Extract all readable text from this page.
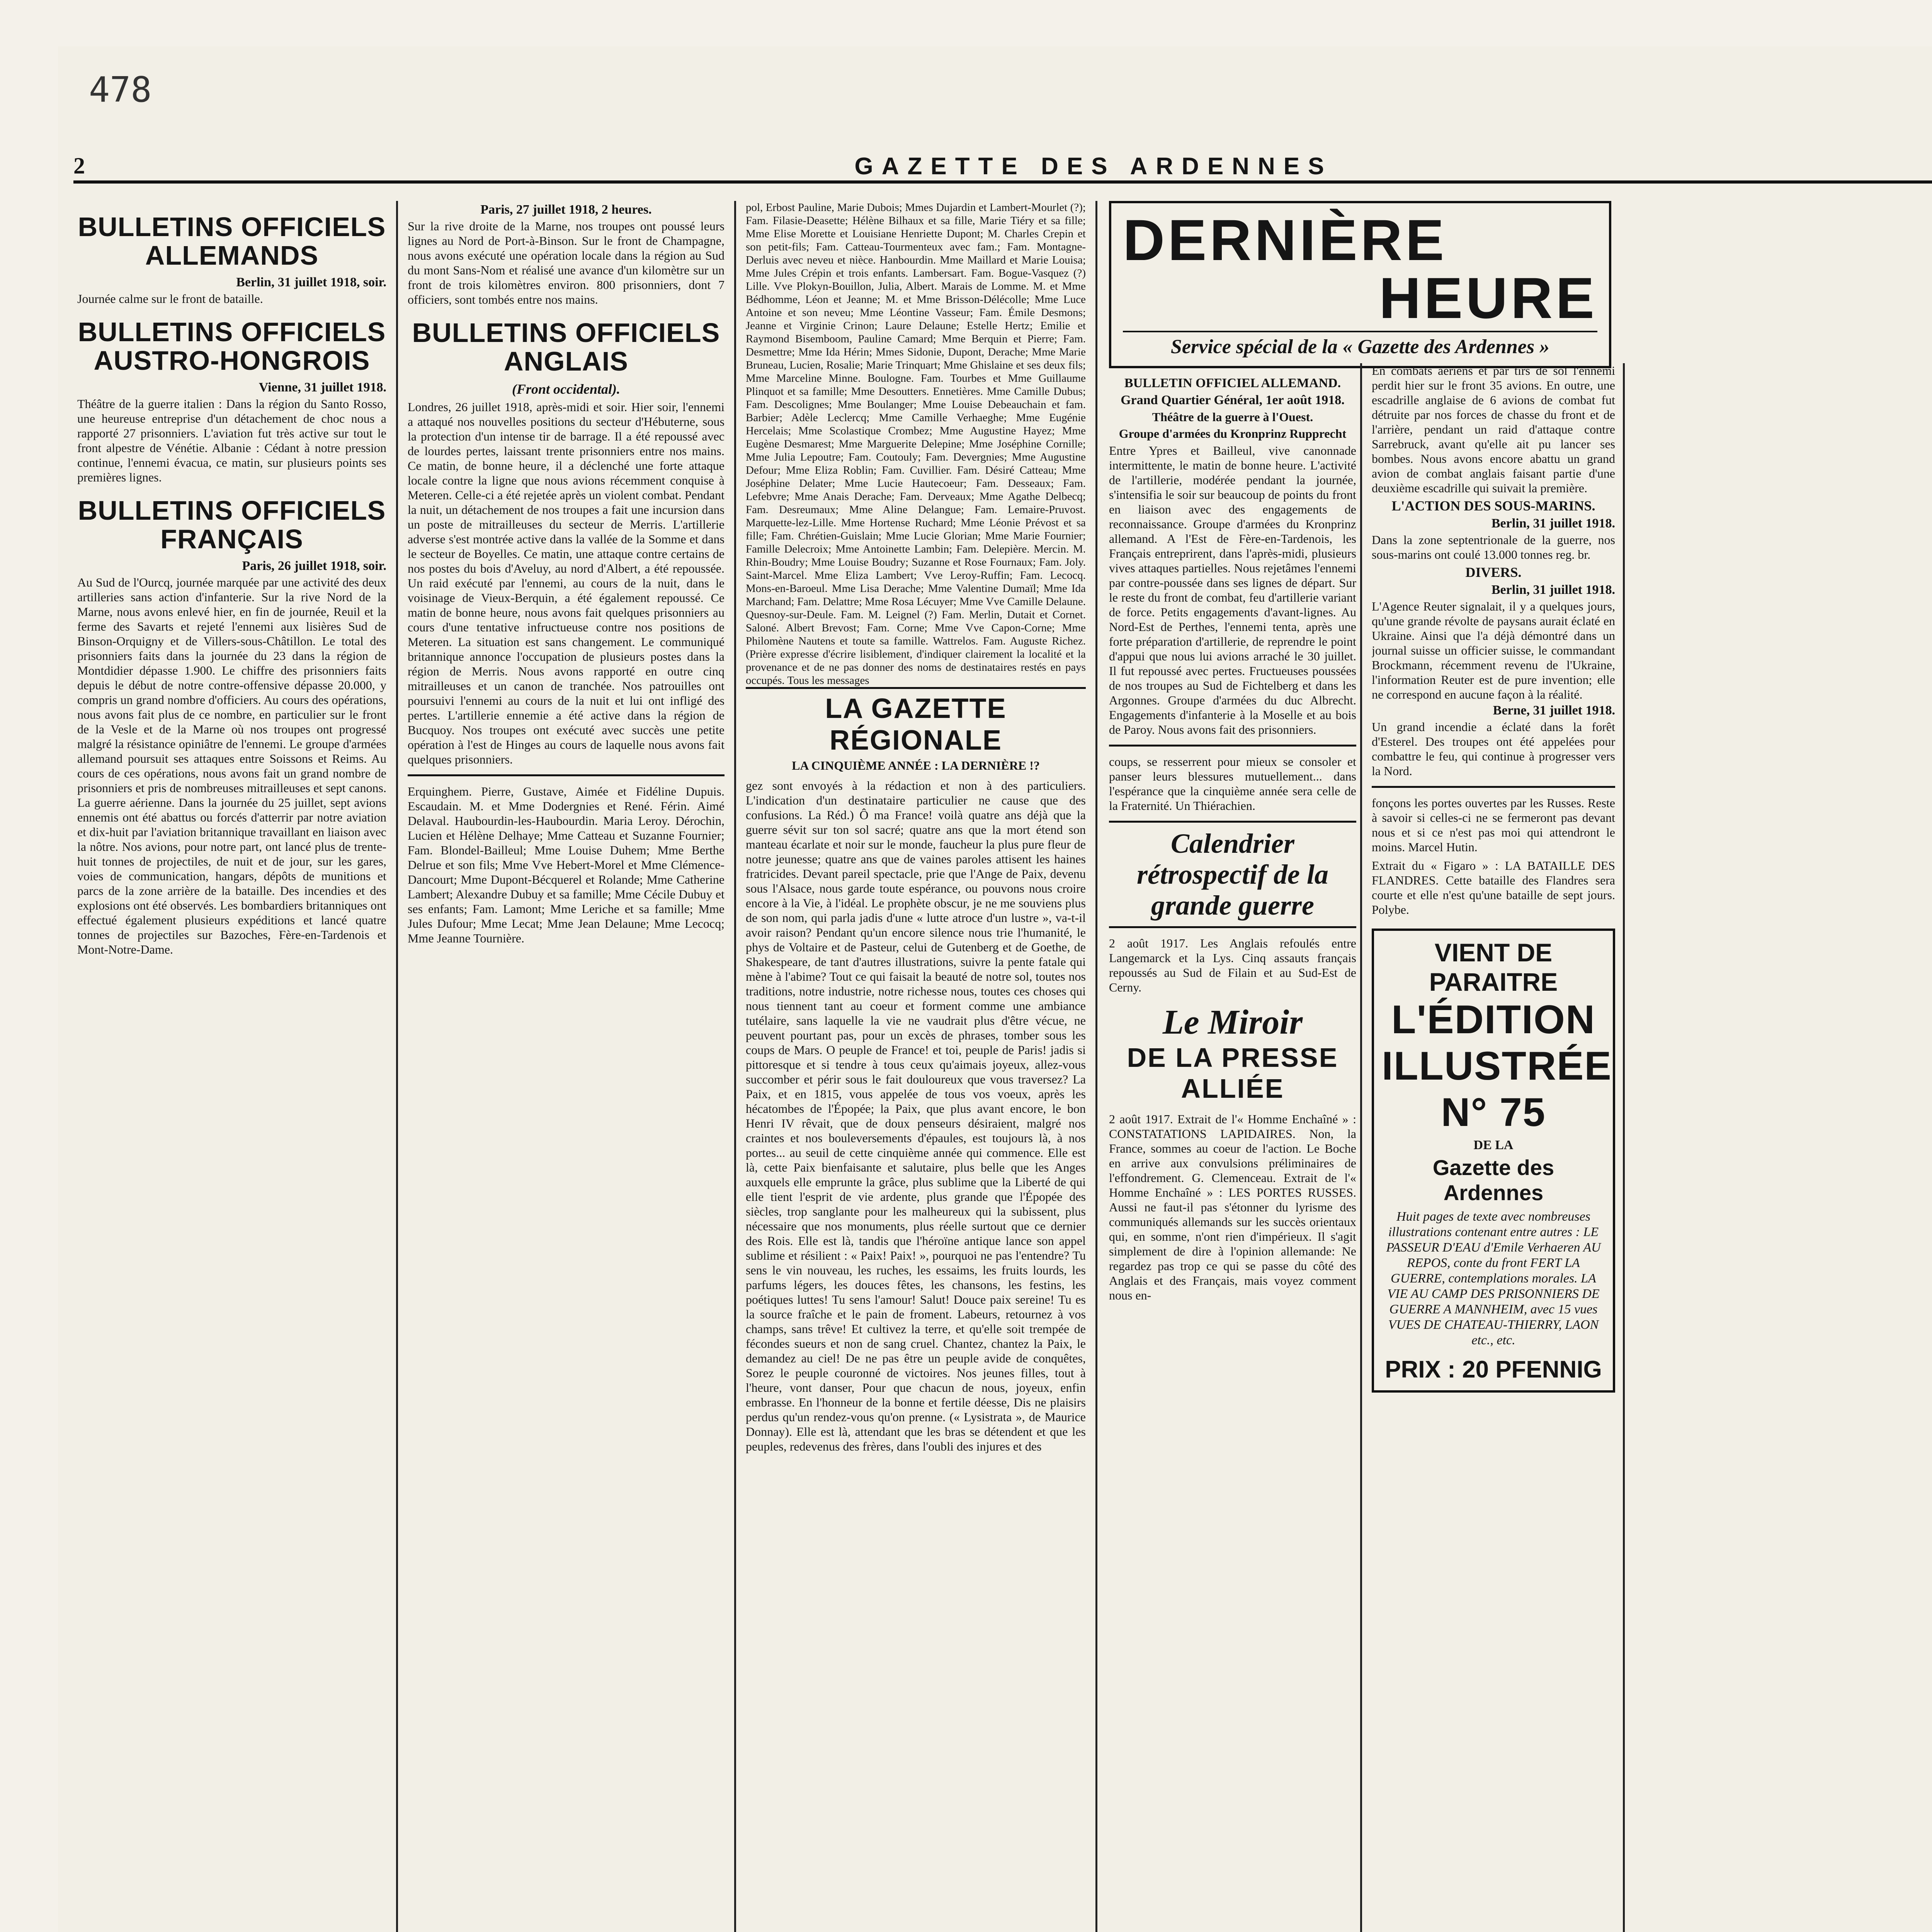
478
2	GAZETTE DES ARDENNES
BULLETINS OFFICIELS ALLEMANDS
Berlin, 31 juillet 1918, soir.

Journée calme sur le front de bataille.

BULLETINS OFFICIELS AUSTRO-HONGROIS
Vienne, 31 juillet 1918.

Théâtre de la guerre italien : Dans la région du Santo Rosso, une heureuse entreprise d'un détachement de choc nous a rapporté 27 prisonniers. L'aviation fut très active sur tout le front alpestre de Vénétie. Albanie : Cédant à notre pression continue, l'ennemi évacua, ce matin, sur plusieurs points ses premières lignes.

BULLETINS OFFICIELS FRANÇAIS
Paris, 26 juillet 1918, soir.

Au Sud de l'Ourcq, journée marquée par une activité des deux artilleries sans action d'infanterie. Sur la rive Nord de la Marne, nous avons enlevé hier, en fin de journée, Reuil et la ferme des Savarts et rejeté l'ennemi aux lisières Sud de Binson-Orquigny et de Villers-sous-Châtillon. Le total des prisonniers faits dans la journée du 23 dans la région de Montdidier dépasse 1.900. Le chiffre des prisonniers faits depuis le début de notre contre-offensive dépasse 20.000, y compris un grand nombre d'officiers. Au cours des opérations, nous avons fait plus de ce nombre, en particulier sur le front de la Vesle et de la Marne où nos troupes ont progressé malgré la résistance opiniâtre de l'ennemi. Le groupe d'armées allemand poursuit ses attaques entre Soissons et Reims. Au cours de ces opérations, nous avons fait un grand nombre de prisonniers et pris de nombreuses mitrailleuses et sept canons. La guerre aérienne. Dans la journée du 25 juillet, sept avions ennemis ont été abattus ou forcés d'atterrir par notre aviation et dix-huit par l'aviation britannique travaillant en liaison avec la nôtre. Nos avions, pour notre part, ont lancé plus de trente-huit tonnes de projectiles, de nuit et de jour, sur les gares, voies de communication, hangars, dépôts de munitions et parcs de la zone arrière de la bataille. Des incendies et des explosions ont été observés. Les bombardiers britanniques ont effectué également plusieurs expéditions et lancé quatre tonnes de projectiles sur Bazoches, Fère-en-Tardenois et Mont-Notre-Dame.

Paris, 27 juillet 1918, 2 heures.

Sur la rive droite de la Marne, nos troupes ont poussé leurs lignes au Nord de Port-à-Binson. Sur le front de Champagne, nous avons exécuté une opération locale dans la région au Sud du mont Sans-Nom et réalisé une avance d'un kilomètre sur un front de trois kilomètres environ. 800 prisonniers, dont 7 officiers, sont tombés entre nos mains.

BULLETINS OFFICIELS ANGLAIS
(Front occidental).

Londres, 26 juillet 1918, après-midi et soir. Hier soir, l'ennemi a attaqué nos nouvelles positions du secteur d'Hébuterne, sous la protection d'un intense tir de barrage. Il a été repoussé avec de lourdes pertes, laissant trente prisonniers entre nos mains. Ce matin, de bonne heure, il a déclenché une forte attaque locale contre la ligne que nous avions récemment conquise à Meteren. Celle-ci a été rejetée après un violent combat. Pendant la nuit, un détachement de nos troupes a fait une incursion dans un poste de mitrailleuses du secteur de Merris. L'artillerie adverse s'est montrée active dans la vallée de la Somme et dans le secteur de Boyelles. Ce matin, une attaque contre certains de nos postes du bois d'Aveluy, au nord d'Albert, a été repoussée. Un raid exécuté par l'ennemi, au cours de la nuit, dans le voisinage de Vieux-Berquin, a été également repoussé. Ce matin de bonne heure, nous avons fait quelques prisonniers au cours d'une tentative infructueuse contre nos positions de Meteren. La situation est sans changement. Le communiqué britannique annonce l'occupation de plusieurs postes dans la région de Merris. Nous avons rapporté en outre cinq mitrailleuses et un canon de tranchée. Nos patrouilles ont poursuivi l'ennemi au cours de la nuit et lui ont infligé des pertes. L'artillerie ennemie a été active dans la région de Bucquoy. Nos troupes ont exécuté avec succès une petite opération à l'est de Hinges au cours de laquelle nous avons fait quelques prisonniers.

Erquinghem. Pierre, Gustave, Aimée et Fidéline Dupuis. Escaudain. M. et Mme Dodergnies et René. Férin. Aimé Delaval. Haubourdin-les-Haubourdin. Maria Leroy. Dérochin, Lucien et Hélène Delhaye; Mme Catteau et Suzanne Fournier; Fam. Blondel-Bailleul; Mme Louise Duhem; Mme Berthe Delrue et son fils; Mme Vve Hebert-Morel et Mme Clémence-Dancourt; Mme Dupont-Bécquerel et Rolande; Mme Catherine Lambert; Alexandre Dubuy et sa famille; Mme Cécile Dubuy et ses enfants; Fam. Lamont; Mme Leriche et sa famille; Mme Jules Dufour; Mme Lecat; Mme Jean Delaune; Mme Lecocq; Mme Jeanne Tournière.

pol, Erbost Pauline, Marie Dubois; Mmes Dujardin et Lambert-Mourlet (?); Fam. Filasie-Deasette; Hélène Bilhaux et sa fille, Marie Tiéry et sa fille; Mme Elise Morette et Louisiane Henriette Dupont; M. Charles Crepin et son petit-fils; Fam. Catteau-Tourmenteux avec fam.; Fam. Montagne-Derluis avec neveu et nièce. Hanbourdin. Mme Maillard et Marie Louisa; Mme Jules Crépin et trois enfants. Lambersart. Fam. Bogue-Vasquez (?) Lille. Vve Plokyn-Bouillon, Julia, Albert. Marais de Lomme. M. et Mme Bédhomme, Léon et Jeanne; M. et Mme Brisson-Délécolle; Mme Luce Antoine et son neveu; Mme Léontine Vasseur; Fam. Émile Desmons; Jeanne et Virginie Crinon; Laure Delaune; Estelle Hertz; Emilie et Raymond Bisemboom, Pauline Camard; Mme Berquin et Pierre; Fam. Desmettre; Mme Ida Hérin; Mmes Sidonie, Dupont, Derache; Mme Marie Bruneau, Lucien, Rosalie; Marie Trinquart; Mme Ghislaine et ses deux fils; Mme Marceline Minne. Boulogne. Fam. Tourbes et Mme Guillaume Plinquot et sa famille; Mme Desoutters. Ennetières. Mme Camille Dubus; Fam. Descolignes; Mme Boulanger; Mme Louise Debeauchain et fam. Barbier; Adèle Leclercq; Mme Camille Verhaeghe; Mme Eugénie Hercelais; Mme Scolastique Crombez; Mme Augustine Hayez; Mme Eugène Desmarest; Mme Marguerite Delepine; Mme Joséphine Cornille; Mme Julia Lepoutre; Fam. Coutouly; Fam. Devergnies; Mme Augustine Defour; Mme Eliza Roblin; Fam. Cuvillier. Fam. Désiré Catteau; Mme Joséphine Delater; Mme Lucie Hautecoeur; Fam. Desseaux; Fam. Lefebvre; Mme Anais Derache; Fam. Derveaux; Mme Agathe Delbecq; Fam. Desreumaux; Mme Aline Delangue; Fam. Lemaire-Pruvost. Marquette-lez-Lille. Mme Hortense Ruchard; Mme Léonie Prévost et sa fille; Fam. Chrétien-Guislain; Mme Lucie Glorian; Mme Marie Fournier; Famille Delecroix; Mme Antoinette Lambin; Fam. Delepière. Mercin. M. Rhin-Boudry; Mme Louise Boudry; Suzanne et Rose Fournaux; Fam. Joly. Saint-Marcel. Mme Eliza Lambert; Vve Leroy-Ruffin; Fam. Lecocq. Mons-en-Baroeul. Mme Lisa Derache; Mme Valentine Dumaïl; Mme Ida Marchand; Fam. Delattre; Mme Rosa Lécuyer; Mme Vve Camille Delaune. Quesnoy-sur-Deule. Fam. M. Leignel (?) Fam. Merlin, Dutait et Cornet. Saloné. Albert Brevost; Fam. Corne; Mme Vve Capon-Corne; Mme Philomène Nautens et toute sa famille. Wattrelos. Fam. Auguste Richez. (Prière expresse d'écrire lisiblement, d'indiquer clairement la localité et la provenance et de ne pas donner des noms de destinataires restés en pays occupés. Tous les messages

LA GAZETTE RÉGIONALE
LA CINQUIÈME ANNÉE : LA DERNIÈRE !?

gez sont envoyés à la rédaction et non à des particuliers. L'indication d'un destinataire particulier ne cause que des confusions. La Réd.) Ô ma France! voilà quatre ans déjà que la guerre sévit sur ton sol sacré; quatre ans que la mort étend son manteau écarlate et noir sur le monde, faucheur la plus pure fleur de notre jeunesse; quatre ans que de vaines paroles attisent les haines fratricides. Devant pareil spectacle, prie que l'Ange de Paix, devenu sous l'Alsace, nous garde toute espérance, ou pouvons nous croire encore à la Vie, à l'idéal. Le prophète obscur, je ne me souviens plus de son nom, qui parla jadis d'une « lutte atroce d'un lustre », va-t-il avoir raison? Pendant qu'un encore silence nous trie l'humanité, le phys de Voltaire et de Pasteur, celui de Gutenberg et de Goethe, de Shakespeare, de tant d'autres illustrations, suivre la pente fatale qui mène à l'abime? Tout ce qui faisait la beauté de notre sol, toutes nos traditions, notre industrie, notre richesse nous, toutes ces choses qui nous tiennent tant au coeur et forment comme une ambiance tutélaire, sans laquelle la vie ne vaudrait plus d'être vécue, ne peuvent pourtant pas, pour un excès de phrases, tomber sous les coups de Mars. O peuple de France! et toi, peuple de Paris! jadis si pittoresque et si tendre à tous ceux qu'aimais joyeux, allez-vous succomber et périr sous le fait douloureux que vous traversez? La Paix, et en 1815, vous appelée de tous vos voeux, après les hécatombes de l'Épopée; la Paix, que plus avant encore, le bon Henri IV rêvait, que de doux penseurs désiraient, malgré nos craintes et nos bouleversements d'épaules, est toujours là, à nos portes... au seuil de cette cinquième année qui commence. Elle est là, cette Paix bienfaisante et salutaire, plus belle que les Anges auxquels elle emprunte la grâce, plus sublime que la Liberté de qui elle tient l'esprit de vie ardente, plus grande que l'Épopée des siècles, trop sanglante pour les malheureux qui la subissent, plus nécessaire que nos monuments, plus réelle surtout que ce dernier des Rois. Elle est là, tandis que l'héroïne antique lance son appel sublime et résilient : « Paix! Paix! », pourquoi ne pas l'entendre? Tu sens le vin nouveau, les ruches, les essaims, les fruits lourds, les parfums légers, les douces fêtes, les chansons, les festins, les poétiques luttes! Tu sens l'amour! Salut! Douce paix sereine! Tu es la source fraîche et le pain de froment. Labeurs, retournez à vos champs, sans trêve! Et cultivez la terre, et qu'elle soit trempée de fécondes sueurs et non de sang cruel. Chantez, chantez la Paix, le demandez au ciel! De ne pas être un peuple avide de conquêtes, Sorez le peuple couronné de victoires. Nos jeunes filles, tout à l'heure, vont danser, Pour que chacun de nous, joyeux, enfin embrasse. En l'honneur de la bonne et fertile déesse, Dis ne plaisirs perdus qu'un rendez-vous qu'on prenne. (« Lysistrata », de Maurice Donnay). Elle est là, attendant que les bras se détendent et que les peuples, redevenus des frères, dans l'oubli des injures et des

DERNIÈRE
HEURE
Service spécial de la « Gazette des Ardennes »
BULLETIN OFFICIEL ALLEMAND.
Grand Quartier Général, 1er août 1918.
Théâtre de la guerre à l'Ouest.
Groupe d'armées du Kronprinz Rupprecht

Entre Ypres et Bailleul, vive canonnade intermittente, le matin de bonne heure. L'activité de l'artillerie, modérée pendant la journée, s'intensifia le soir sur beaucoup de points du front en liaison avec des engagements de reconnaissance. Groupe d'armées du Kronprinz allemand. A l'Est de Fère-en-Tardenois, les Français entreprirent, dans l'après-midi, plusieurs vives attaques partielles. Nous rejetâmes l'ennemi par contre-poussée dans ses lignes de départ. Sur le reste du front de combat, feu d'artillerie variant de force. Petits engagements d'avant-lignes. Au Nord-Est de Perthes, l'ennemi tenta, après une forte préparation d'artillerie, de reprendre le point d'appui que nous lui avions arraché le 30 juillet. Il fut repoussé avec pertes. Fructueuses poussées de nos troupes au Sud de Fichtelberg et dans les Argonnes. Groupe d'armées du duc Albrecht. Engagements d'infanterie à la Moselle et au bois de Paroy. Nous avons fait des prisonniers.

coups, se resserrent pour mieux se consoler et panser leurs blessures mutuellement... dans l'espérance que la cinquième année sera celle de la Fraternité. Un Thiérachien.

Calendrier rétrospectif de la grande guerre

2 août 1917. Les Anglais refoulés entre Langemarck et la Lys. Cinq assauts français repoussés au Sud de Filain et au Sud-Est de Cerny.

Le Miroir
DE LA PRESSE ALLIÉE

2 août 1917. Extrait de l'« Homme Enchaîné » : CONSTATATIONS LAPIDAIRES. Non, la France, sommes au coeur de l'action. Le Boche en arrive aux convulsions préliminaires de l'effondrement. G. Clemenceau. Extrait de l'« Homme Enchaîné » : LES PORTES RUSSES. Aussi ne faut-il pas s'étonner du lyrisme des communiqués allemands sur les succès orientaux qui, en somme, n'ont rien d'impérieux. Il s'agit simplement de dire à l'opinion allemande: Ne regardez pas trop ce qui se passe du côté des Anglais et des Français, mais voyez comment nous en-

En combats aériens et par tirs de sol l'ennemi perdit hier sur le front 35 avions. En outre, une escadrille anglaise de 6 avions de combat fut détruite par nos forces de chasse du front et de l'arrière, pendant un raid d'attaque contre Sarrebruck, avant qu'elle ait pu lancer ses bombes. Nous avons encore abattu un grand avion de combat anglais faisant partie d'une deuxième escadrille qui suivait la première.

L'ACTION DES SOUS-MARINS.
Berlin, 31 juillet 1918.

Dans la zone septentrionale de la guerre, nos sous-marins ont coulé 13.000 tonnes reg. br.

DIVERS.
Berlin, 31 juillet 1918.

L'Agence Reuter signalait, il y a quelques jours, qu'une grande révolte de paysans aurait éclaté en Ukraine. Ainsi que l'a déjà démontré dans un journal suisse un officier suisse, le commandant Brockmann, récemment revenu de l'Ukraine, l'information Reuter est de pure invention; elle ne correspond en aucune façon à la réalité.

Berne, 31 juillet 1918.

Un grand incendie a éclaté dans la forêt d'Esterel. Des troupes ont été appelées pour combattre le feu, qui continue à progresser vers la Nord.

fonçons les portes ouvertes par les Russes. Reste à savoir si celles-ci ne se fermeront pas devant nous et si ce n'est pas moi qui attendront le moins. Marcel Hutin.

Extrait du « Figaro » : LA BATAILLE DES FLANDRES. Cette bataille des Flandres sera courte et elle n'est qu'une bataille de sept jours. Polybe.

VIENT DE PARAITRE
L'ÉDITION ILLUSTRÉE N° 75
DE LA
Gazette des Ardennes
Huit pages de texte avec nombreuses illustrations contenant entre autres : LE PASSEUR D'EAU d'Emile Verhaeren AU REPOS, conte du front FERT LA GUERRE, contemplations morales. LA VIE AU CAMP DES PRISONNIERS DE GUERRE A MANNHEIM, avec 15 vues VUES DE CHATEAU-THIERRY, LAON etc., etc.
PRIX : 20 PFENNIG
